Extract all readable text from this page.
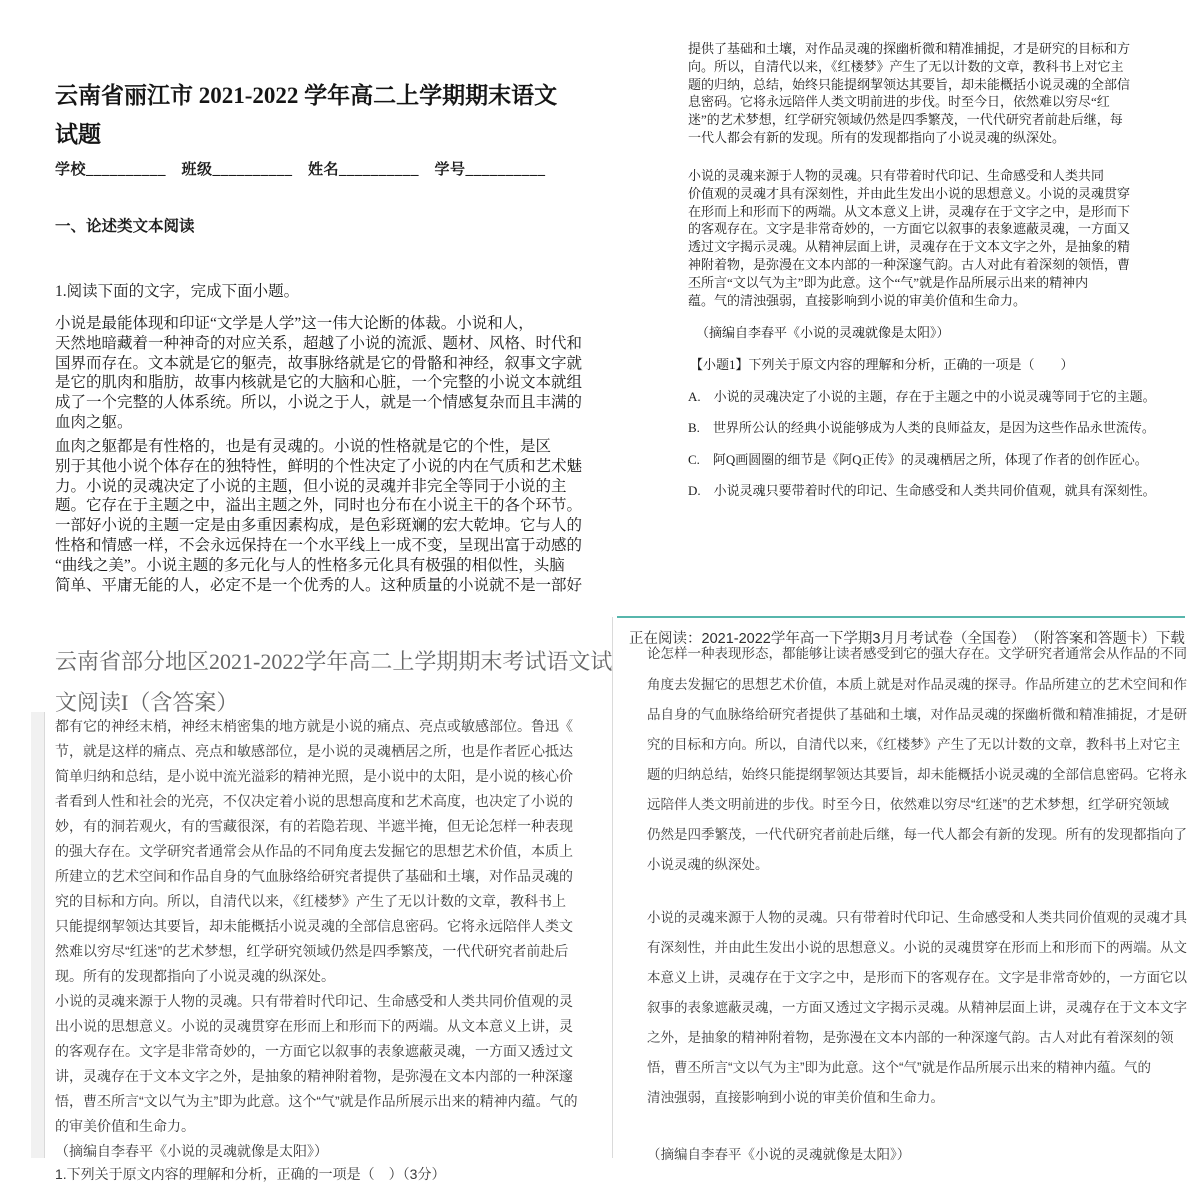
云南省丽江市 2021-2022 学年高二上学期期末语文
试题
学校__________　班级__________　姓名__________　学号__________
一、论述类文本阅读
1.阅读下面的文字，完成下面小题。
小说是最能体现和印证“文学是人学”这一伟大论断的体裁。小说和人，
天然地暗藏着一种神奇的对应关系，超越了小说的流派、题材、风格、时代和
国界而存在。文本就是它的躯壳，故事脉络就是它的骨骼和神经，叙事文字就
是它的肌肉和脂肪，故事内核就是它的大脑和心脏，一个完整的小说文本就组
成了一个完整的人体系统。所以，小说之于人，就是一个情感复杂而且丰满的
血肉之躯。
血肉之躯都是有性格的，也是有灵魂的。小说的性格就是它的个性，是区
别于其他小说个体存在的独特性，鲜明的个性决定了小说的内在气质和艺术魅
力。小说的灵魂决定了小说的主题，但小说的灵魂并非完全等同于小说的主
题。它存在于主题之中，溢出主题之外，同时也分布在小说主干的各个环节。
一部好小说的主题一定是由多重因素构成，是色彩斑斓的宏大乾坤。它与人的
性格和情感一样，不会永远保持在一个水平线上一成不变，呈现出富于动感的
“曲线之美”。小说主题的多元化与人的性格多元化具有极强的相似性，头脑
简单、平庸无能的人，必定不是一个优秀的人。这种质量的小说就不是一部好
提供了基础和土壤，对作品灵魂的探幽析微和精准捕捉，才是研究的目标和方
向。所以，自清代以来，《红楼梦》产生了无以计数的文章，教科书上对它主
题的归纳，总结，始终只能提纲挈领达其要旨，却未能概括小说灵魂的全部信
息密码。它将永远陪伴人类文明前进的步伐。时至今日，依然难以穷尽“红
迷”的艺术梦想，红学研究领域仍然是四季繁茂，一代代研究者前赴后继，每
一代人都会有新的发现。所有的发现都指向了小说灵魂的纵深处。
小说的灵魂来源于人物的灵魂。只有带着时代印记、生命感受和人类共同
价值观的灵魂才具有深刻性，并由此生发出小说的思想意义。小说的灵魂贯穿
在形而上和形而下的两端。从文本意义上讲，灵魂存在于文字之中，是形而下
的客观存在。文字是非常奇妙的，一方面它以叙事的表象遮蔽灵魂，一方面又
透过文字揭示灵魂。从精神层面上讲，灵魂存在于文本文字之外，是抽象的精
神附着物，是弥漫在文本内部的一种深邃气韵。古人对此有着深刻的领悟，曹
丕所言“文以气为主”即为此意。这个“气”就是作品所展示出来的精神内
蕴。气的清浊强弱，直接影响到小说的审美价值和生命力。
（摘编自李春平《小说的灵魂就像是太阳》）
【小题1】下列关于原文内容的理解和分析，正确的一项是（　　）
A.　小说的灵魂决定了小说的主题，存在于主题之中的小说灵魂等同于它的主题。
B.　世界所公认的经典小说能够成为人类的良师益友，是因为这些作品永世流传。
C.　阿Q画圆圈的细节是《阿Q正传》的灵魂栖居之所，体现了作者的创作匠心。
D.　小说灵魂只要带着时代的印记、生命感受和人类共同价值观，就具有深刻性。
云南省部分地区2021-2022学年高二上学期期末考试语文试
文阅读I（含答案）
都有它的神经末梢，神经末梢密集的地方就是小说的痛点、亮点或敏感部位。鲁迅《
节，就是这样的痛点、亮点和敏感部位，是小说的灵魂栖居之所，也是作者匠心抵达
简单归纳和总结，是小说中流光溢彩的精神光照，是小说中的太阳，是小说的核心价
者看到人性和社会的光亮，不仅决定着小说的思想高度和艺术高度，也决定了小说的
妙，有的洞若观火，有的雪藏很深，有的若隐若现、半遮半掩，但无论怎样一种表现
的强大存在。文学研究者通常会从作品的不同角度去发掘它的思想艺术价值，本质上
所建立的艺术空间和作品自身的气血脉络给研究者提供了基础和土壤，对作品灵魂的
究的目标和方向。所以，自清代以来，《红楼梦》产生了无以计数的文章，教科书上
只能提纲挈领达其要旨，却未能概括小说灵魂的全部信息密码。它将永远陪伴人类文
然难以穷尽“红迷”的艺术梦想，红学研究领域仍然是四季繁茂，一代代研究者前赴后
现。所有的发现都指向了小说灵魂的纵深处。
小说的灵魂来源于人物的灵魂。只有带着时代印记、生命感受和人类共同价值观的灵
出小说的思想意义。小说的灵魂贯穿在形而上和形而下的两端。从文本意义上讲，灵
的客观存在。文字是非常奇妙的，一方面它以叙事的表象遮蔽灵魂，一方面又透过文
讲，灵魂存在于文本文字之外，是抽象的精神附着物，是弥漫在文本内部的一种深邃
悟，曹丕所言“文以气为主”即为此意。这个“气”就是作品所展示出来的精神内蕴。气的
的审美价值和生命力。
（摘编自李春平《小说的灵魂就像是太阳》）
1.下列关于原文内容的理解和分析，正确的一项是（　）（3分）
正在阅读：2021-2022学年高一下学期3月月考试卷（全国卷）　（附答案和答题卡）下载
论怎样一种表现形态，都能够让读者感受到它的强大存在。文学研究者通常会从作品的不同
角度去发掘它的思想艺术价值，本质上就是对作品灵魂的探寻。作品所建立的艺术空间和作
品自身的气血脉络给研究者提供了基础和土壤，对作品灵魂的探幽析微和精准捕捉，才是研
究的目标和方向。所以，自清代以来，《红楼梦》产生了无以计数的文章，教科书上对它主
题的归纳总结，始终只能提纲挈领达其要旨，却未能概括小说灵魂的全部信息密码。它将永
远陪伴人类文明前进的步伐。时至今日，依然难以穷尽“红迷”的艺术梦想，红学研究领域
仍然是四季繁茂，一代代研究者前赴后继，每一代人都会有新的发现。所有的发现都指向了
小说灵魂的纵深处。
小说的灵魂来源于人物的灵魂。只有带着时代印记、生命感受和人类共同价值观的灵魂才具
有深刻性，并由此生发出小说的思想意义。小说的灵魂贯穿在形而上和形而下的两端。从文
本意义上讲，灵魂存在于文字之中，是形而下的客观存在。文字是非常奇妙的，一方面它以
叙事的表象遮蔽灵魂，一方面又透过文字揭示灵魂。从精神层面上讲，灵魂存在于文本文字
之外，是抽象的精神附着物，是弥漫在文本内部的一种深邃气韵。古人对此有着深刻的领
悟，曹丕所言“文以气为主”即为此意。这个“气”就是作品所展示出来的精神内蕴。气的
清浊强弱，直接影响到小说的审美价值和生命力。
（摘编自李春平《小说的灵魂就像是太阳》）
